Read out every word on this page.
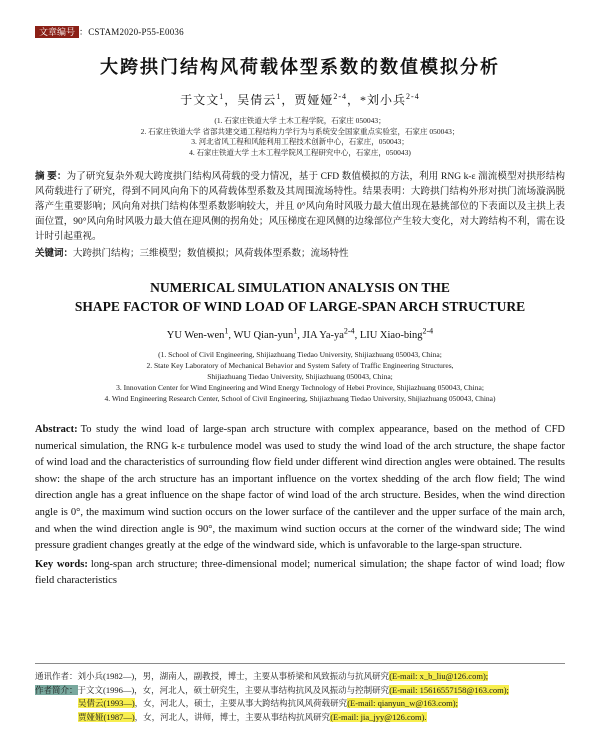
文章编号 ：CSTAM2020-P55-E0036
大跨拱门结构风荷载体型系数的数值模拟分析
于文文$^1$，吴倩云$^1$，贾娅娅$^{2-4}$，*刘小兵$^{2-4}$
(1. 石家庄铁道大学 土木工程学院，石家庄 050043；
2. 石家庄铁道大学 省部共建交通工程结构力学行为与系统安全国家重点实验室，石家庄 050043；
3. 河北省风工程和风能利用工程技术创新中心，石家庄，050043；
4. 石家庄铁道大学 土木工程学院风工程研究中心，石家庄，050043)

摘 要：为了研究复杂外观大跨度拱门结构风荷载的受力情况，基于 CFD 数值模拟的方法，利用 RNG k-ε 湍流模型对拱形结构风荷载进行了研究，得到不同风向角下的风荷载体型系数及其周围流场特性。结果表明：大跨拱门结构外形对拱门流场漩涡脱落产生重要影响；风向角对拱门结构体型系数影响较大，并且 0°风向角时风吸力最大值出现在悬挑部位的下表面以及主拱上表面位置，90°风向角时风吸力最大值在迎风侧的拐角处；风压梯度在迎风侧的边缘部位产生较大变化，对大跨结构不利，需在设计时引起重视。

关键词：大跨拱门结构；三维模型；数值模拟；风荷载体型系数；流场特性

NUMERICAL SIMULATION ANALYSIS ON THE
SHAPE FACTOR OF WIND LOAD OF LARGE-SPAN ARCH STRUCTURE
YU Wen-wen$^1$, WU Qian-yun$^1$, JIA $Ya-ya^{2-4}$, LIU Xiao-bing$^{2-4}$
(1. School of Civil Engineering, Shijiazhuang Tiedao University, Shijiazhuang 050043, China;
2. State Key Laboratory of Mechanical Behavior and System Safety of Traffic Engineering Structures,
Shijiazhuang Tiedao University, Shijiazhuang 050043, China;
3. Innovation Center for Wind Engineering and Wind Energy Technology of Hebei Province, Shijiazhuang 050043, China;
4. Wind Engineering Research Center, School of Civil Engineering, Shijiazhuang Tiedao University, Shijiazhuang 050043, China)

Abstract: To study the wind load of large-span arch structure with complex appearance, based on the method of CFD numerical simulation, the RNG k-ε turbulence model was used to study the wind load of the arch structure, the shape factor of wind load and the characteristics of surrounding flow field under different wind direction angles were obtained. The results show: the shape of the arch structure has an important influence on the vortex shedding of the arch flow field; The wind direction angle has a great influence on the shape factor of wind load of the arch structure. Besides, when the wind direction angle is 0°, the maximum wind suction occurs on the lower surface of the cantilever and the upper surface of the main arch, and when the wind direction angle is 90°, the maximum wind suction occurs at the corner of the windward side; The wind pressure gradient changes greatly at the edge of the windward side, which is unfavorable to the large-span structure.

Key words: long-span arch structure; three-dimensional model; numerical simulation; the shape factor of wind load; flow field characteristics

通讯作者：刘小兵(1982—)，男，湖南人，副教授，博士，主要从事桥梁和风致振动与抗风研究(E-mail: x_b_liu@126.com);

作者简介：于文文(1996—)，女，河北人，硕士研究生，主要从事结构抗风及风振动与控制研究(E-mail: 15616557158@163.com);

吴倩云(1993—)，女，河北人，硕士，主要从事大跨结构抗风风荷载研究(E-mail: qianyun_w@163.com);

贾娅娅(1987—)，女，河北人，讲师，博士，主要从事结构抗风研究(E-mail: jia_jyy@126.com).
